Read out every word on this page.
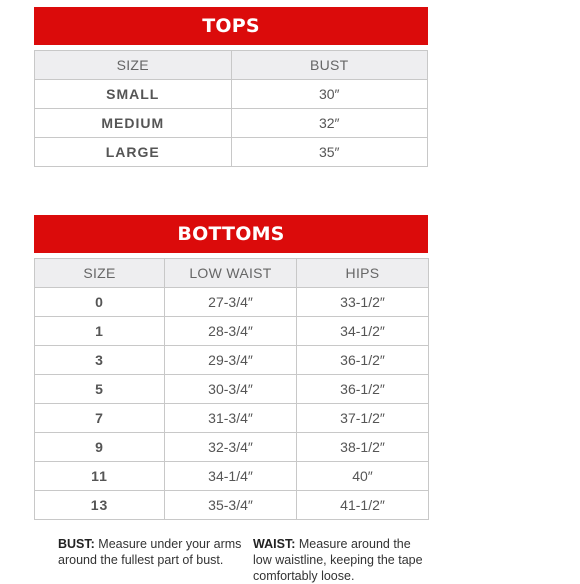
TOPS
SIZE	BUST
SMALL	30″
MEDIUM	32″
LARGE	35″
BOTTOMS
SIZE	LOW WAIST	HIPS
0	27-3/4″	33-1/2″
1	28-3/4″	34-1/2″
3	29-3/4″	36-1/2″
5	30-3/4″	36-1/2″
7	31-3/4″	37-1/2″
9	32-3/4″	38-1/2″
11	34-1/4″	40″
13	35-3/4″	41-1/2″
BUST: Measure under your arms around the fullest part of bust.
WAIST: Measure around the low waistline, keeping the tape comfortably loose.
